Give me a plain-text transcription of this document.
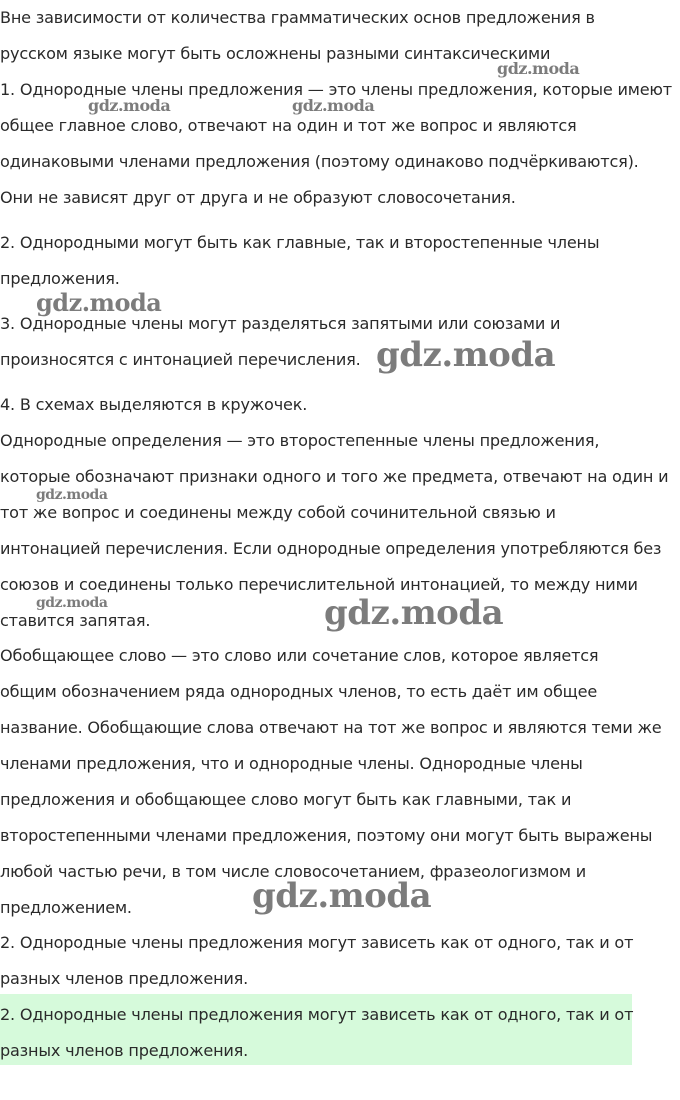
Вне зависимости от количества грамматических основ предложения в
русском языке могут быть осложнены разными синтаксическими
1. Однородные члены предложения — это члены предложения, которые имеют
общее главное слово, отвечают на один и тот же вопрос и являются
одинаковыми членами предложения (поэтому одинаково подчёркиваются).
Они не зависят друг от друга и не образуют словосочетания.
2. Однородными могут быть как главные, так и второстепенные члены
предложения.
3. Однородные члены могут разделяться запятыми или союзами и
произносятся с интонацией перечисления.
4. В схемах выделяются в кружочек.
Однородные определения — это второстепенные члены предложения,
которые обозначают признаки одного и того же предмета, отвечают на один и
тот же вопрос и соединены между собой сочинительной связью и
интонацией перечисления. Если однородные определения употребляются без
союзов и соединены только перечислительной интонацией, то между ними
ставится запятая.
Обобщающее слово — это слово или сочетание слов, которое является
общим обозначением ряда однородных членов, то есть даёт им общее
название. Обобщающие слова отвечают на тот же вопрос и являются теми же
членами предложения, что и однородные члены. Однородные члены
предложения и обобщающее слово могут быть как главными, так и
второстепенными членами предложения, поэтому они могут быть выражены
любой частью речи, в том числе словосочетанием, фразеологизмом и
предложением.
2. Однородные члены предложения могут зависеть как от одного, так и от
разных членов предложения.
2. Однородные члены предложения могут зависеть как от одного, так и от
разных членов предложения.
gdz.moda
gdz.moda	gdz.moda
gdz.moda
gdz.moda
gdz.moda
gdz.moda	gdz.moda
gdz.moda
